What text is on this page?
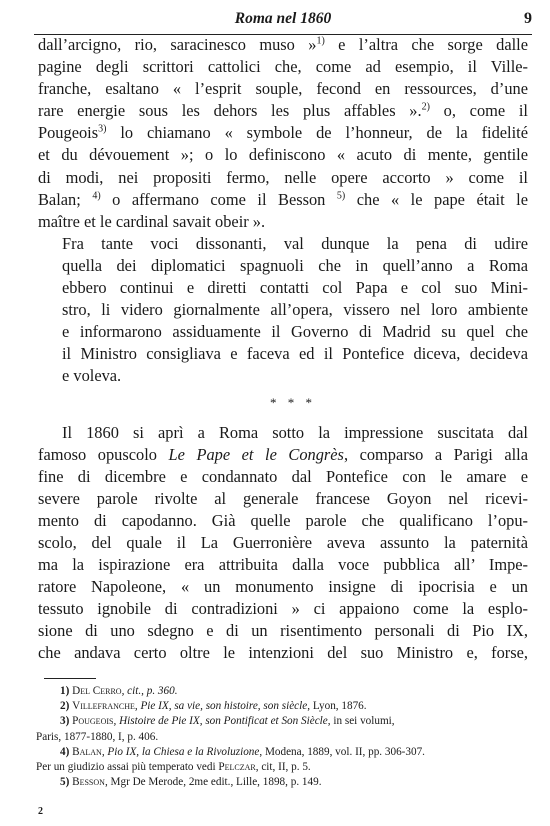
Roma nel 1860	9

dall’arcigno, rio, saracinesco muso »$^{1)}$ e l’altra che sorge dalle
pagine degli scrittori cattolici che, come ad esempio, il Ville-
franche, esaltano « l’esprit souple, fecond en ressources, d’une
rare energie sous les dehors les plus affables ».$^{2)}$ o, come il
Pougeois$^{3)}$ lo chiamano « symbole de l’honneur, de la fidelité
et du dévouement »; o lo definiscono « acuto di mente, gentile
di modi, nei propositi fermo, nelle opere accorto » come il
Balan; $^{4)}$ o affermano come il Besson $^{5)}$ che « le pape était le
maître et le cardinal savait obeir ».

Fra tante voci dissonanti, val dunque la pena di udire
quella dei diplomatici spagnuoli che in quell’anno a Roma
ebbero continui e diretti contatti col Papa e col suo Mini-
stro, li videro giornalmente all’opera, vissero nel loro ambiente
e informarono assiduamente il Governo di Madrid su quel che
il Ministro consigliava e faceva ed il Pontefice diceva, decideva
e voleva.

* * *

Il 1860 si aprì a Roma sotto la impressione suscitata dal
famoso opuscolo Le Pape et le Congrès, comparso a Parigi alla
fine di dicembre e condannato dal Pontefice con le amare e
severe parole rivolte al generale francese Goyon nel ricevi-
mento di capodanno. Già quelle parole che qualificano l’opu-
scolo, del quale il La Guerronière aveva assunto la paternità
ma la ispirazione era attribuita dalla voce pubblica all’ Impe-
ratore Napoleone, « un monumento insigne di ipocrisia e un
tessuto ignobile di contradizioni » ci appaiono come la esplo-
sione di uno sdegno e di un risentimento personali di Pio IX,
che andava certo oltre le intenzioni del suo Ministro e, forse,

1) Del Cerro, cit., p. 360.
2) Villefranche, Pie IX, sa vie, son histoire, son siècle, Lyon, 1876.
3) Pougeois, Histoire de Pie IX, son Pontificat et Son Siècle, in sei volumi,
Paris, 1877-1880, I, p. 406.
4) Balan, Pio IX, la Chiesa e la Rivoluzione, Modena, 1889, vol. II, pp. 306-307.
Per un giudizio assai più temperato vedi Pelczar, cit, II, p. 5.
5) Besson, Mgr De Merode, 2me edit., Lille, 1898, p. 149.
2
